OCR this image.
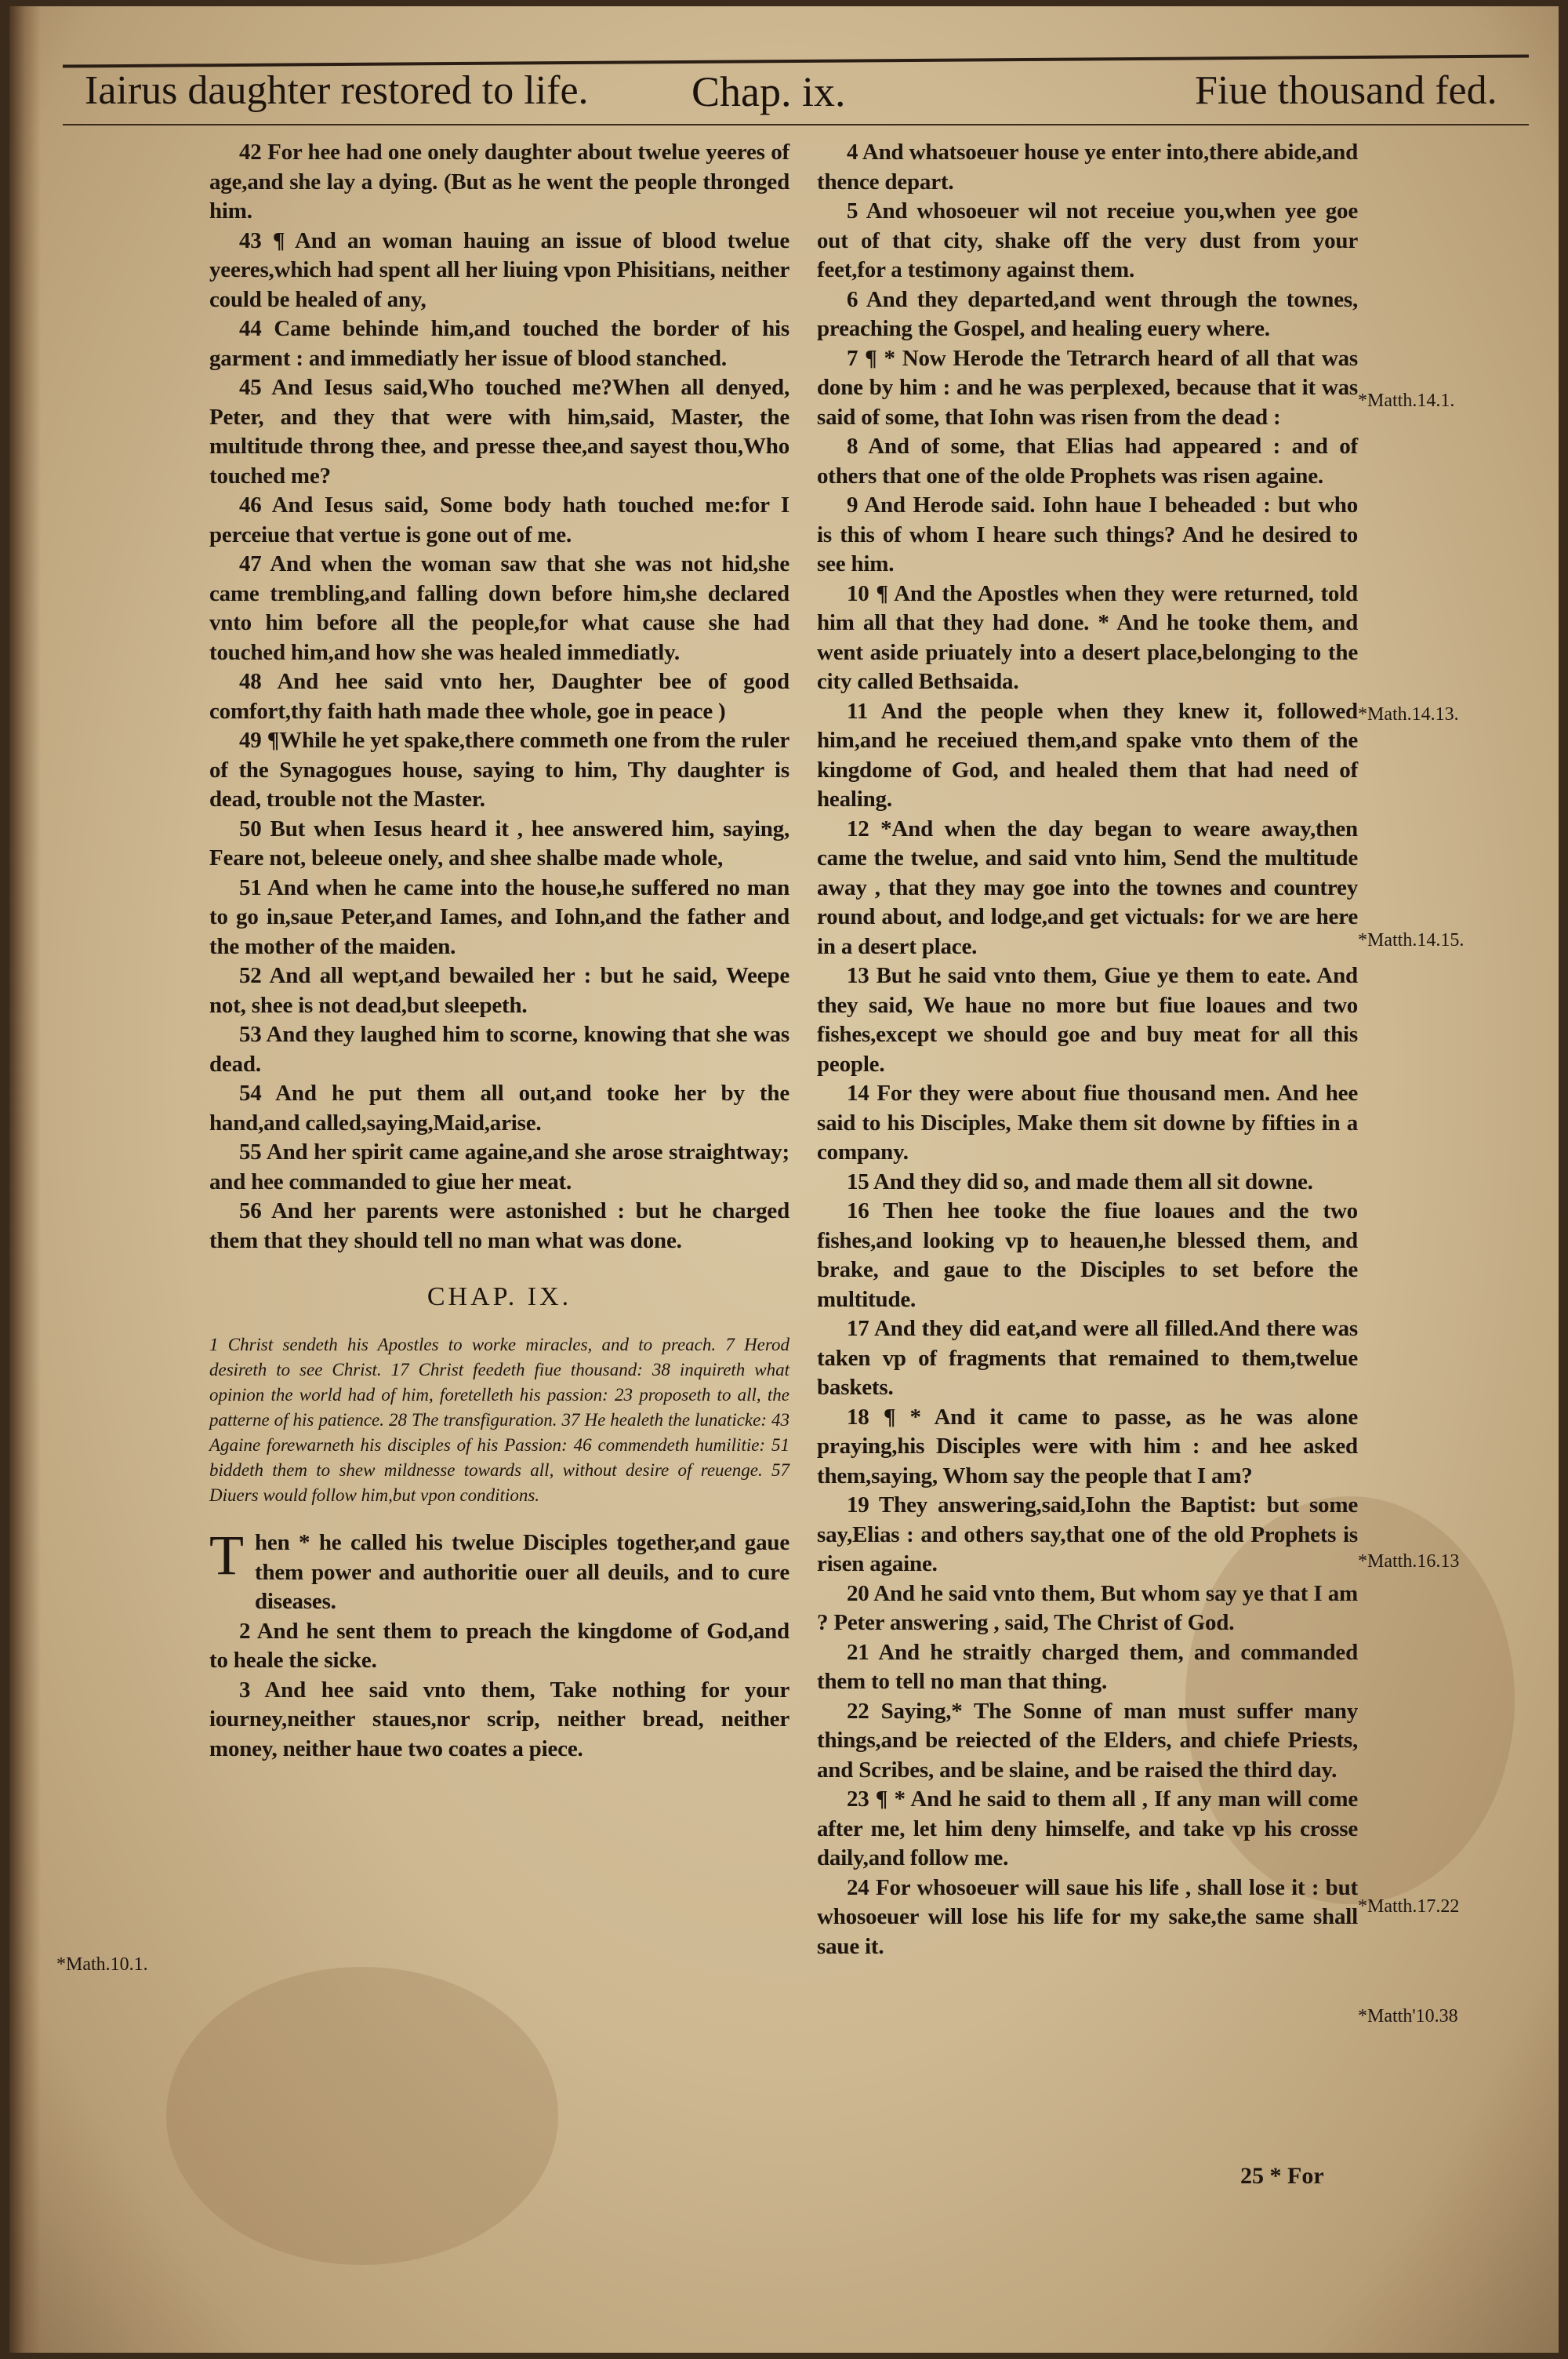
Iairus daughter restored to life. Chap. ix.	Fiue thousand fed.

42 For hee had one onely daughter about twelue yeeres of age,and she lay a dying. (But as he went the people thronged him.

43 ¶ And an woman hauing an issue of blood twelue yeeres,which had spent all her liuing vpon Phisitians, neither could be healed of any,

44 Came behinde him,and touched the border of his garment : and immediatly her issue of blood stanched.

45 And Iesus said,Who touched me?When all denyed, Peter, and they that were with him,said, Master, the multitude throng thee, and presse thee,and sayest thou,Who touched me?

46 And Iesus said, Some body hath touched me:for I perceiue that vertue is gone out of me.

47 And when the woman saw that she was not hid,she came trembling,and falling down before him,she declared vnto him before all the people,for what cause she had touched him,and how she was healed immediatly.

48 And hee said vnto her, Daughter bee of good comfort,thy faith hath made thee whole, goe in peace )

49 ¶While he yet spake,there commeth one from the ruler of the Synagogues house, saying to him, Thy daughter is dead, trouble not the Master.

50 But when Iesus heard it , hee answered him, saying, Feare not, beleeue onely, and shee shalbe made whole,

51 And when he came into the house,he suffered no man to go in,saue Peter,and Iames, and Iohn,and the father and the mother of the maiden.

52 And all wept,and bewailed her : but he said, Weepe not, shee is not dead,but sleepeth.

53 And they laughed him to scorne, knowing that she was dead.

54 And he put them all out,and tooke her by the hand,and called,saying,Maid,arise.

55 And her spirit came againe,and she arose straightway; and hee commanded to giue her meat.

56 And her parents were astonished : but he charged them that they should tell no man what was done.

CHAP. IX.

1 Christ sendeth his Apostles to worke miracles, and to preach. 7 Herod desireth to see Christ. 17 Christ feedeth fiue thousand: 38 inquireth what opinion the world had of him, foretelleth his passion: 23 proposeth to all, the patterne of his patience. 28 The transfiguration. 37 He healeth the lunaticke: 43 Againe forewarneth his disciples of his Passion: 46 commendeth humilitie: 51 biddeth them to shew mildnesse towards all, without desire of reuenge. 57 Diuers would follow him,but vpon conditions.

T hen * he called his twelue Disciples together,and gaue them power and authoritie ouer all deuils, and to cure diseases.

2 And he sent them to preach the kingdome of God,and to heale the sicke.

3 And hee said vnto them, Take nothing for your iourney,neither staues,nor scrip, neither bread, neither money, neither haue two coates a piece.

4 And whatsoeuer house ye enter into,there abide,and thence depart.

5 And whosoeuer wil not receiue you,when yee goe out of that city, shake off the very dust from your feet,for a testimony against them.

6 And they departed,and went through the townes, preaching the Gospel, and healing euery where.

7 ¶ * Now Herode the Tetrarch heard of all that was done by him : and he was perplexed, because that it was said of some, that Iohn was risen from the dead :

8 And of some, that Elias had appeared : and of others that one of the olde Prophets was risen againe.

9 And Herode said. Iohn haue I beheaded : but who is this of whom I heare such things? And he desired to see him.

10 ¶ And the Apostles when they were returned, told him all that they had done. * And he tooke them, and went aside priuately into a desert place,belonging to the city called Bethsaida.

11 And the people when they knew it, followed him,and he receiued them,and spake vnto them of the kingdome of God, and healed them that had need of healing.

12 *And when the day began to weare away,then came the twelue, and said vnto him, Send the multitude away , that they may goe into the townes and countrey round about, and lodge,and get victuals: for we are here in a desert place.

13 But he said vnto them, Giue ye them to eate. And they said, We haue no more but fiue loaues and two fishes,except we should goe and buy meat for all this people.

14 For they were about fiue thousand men. And hee said to his Disciples, Make them sit downe by fifties in a company.

15 And they did so, and made them all sit downe.

16 Then hee tooke the fiue loaues and the two fishes,and looking vp to heauen,he blessed them, and brake, and gaue to the Disciples to set before the multitude.

17 And they did eat,and were all filled.And there was taken vp of fragments that remained to them,twelue baskets.

18 ¶ * And it came to passe, as he was alone praying,his Disciples were with him : and hee asked them,saying, Whom say the people that I am?

19 They answering,said,Iohn the Baptist: but some say,Elias : and others say,that one of the old Prophets is risen againe.

20 And he said vnto them, But whom say ye that I am ? Peter answering , said, The Christ of God.

21 And he straitly charged them, and commanded them to tell no man that thing.

22 Saying,* The Sonne of man must suffer many things,and be reiected of the Elders, and chiefe Priests, and Scribes, and be slaine, and be raised the third day.

23 ¶ * And he said to them all , If any man will come after me, let him deny himselfe, and take vp his crosse daily,and follow me.

24 For whosoeuer will saue his life , shall lose it : but whosoeuer will lose his life for my sake,the same shall saue it.

*Matth.14.1.
*Math.14.13.
*Matth.14.15.
*Matth.16.13
*Matth.17.22
*Matth'10.38
*Math.10.1.
25 * For
